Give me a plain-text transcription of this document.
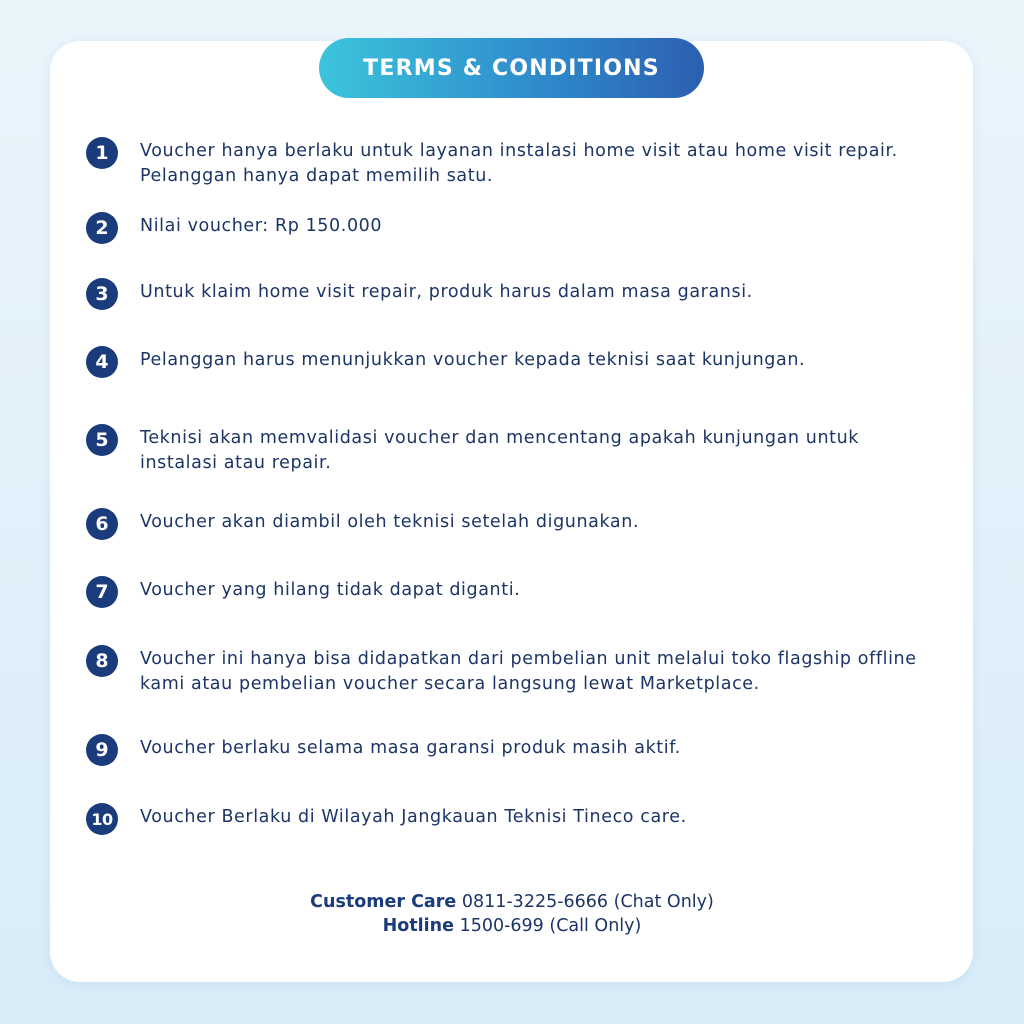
TERMS & CONDITIONS
1	Voucher hanya berlaku untuk layanan instalasi home visit atau home visit repair. Pelanggan hanya dapat memilih satu.
2	Nilai voucher: Rp 150.000
3	Untuk klaim home visit repair, produk harus dalam masa garansi.
4	Pelanggan harus menunjukkan voucher kepada teknisi saat kunjungan.
5	Teknisi akan memvalidasi voucher dan mencentang apakah kunjungan untuk instalasi atau repair.
6	Voucher akan diambil oleh teknisi setelah digunakan.
7	Voucher yang hilang tidak dapat diganti.
8	Voucher ini hanya bisa didapatkan dari pembelian unit melalui toko flagship offline kami atau pembelian voucher secara langsung lewat Marketplace.
9	Voucher berlaku selama masa garansi produk masih aktif.
10	Voucher Berlaku di Wilayah Jangkauan Teknisi Tineco care.
Customer Care 0811-3225-6666 (Chat Only)
Hotline 1500-699 (Call Only)
